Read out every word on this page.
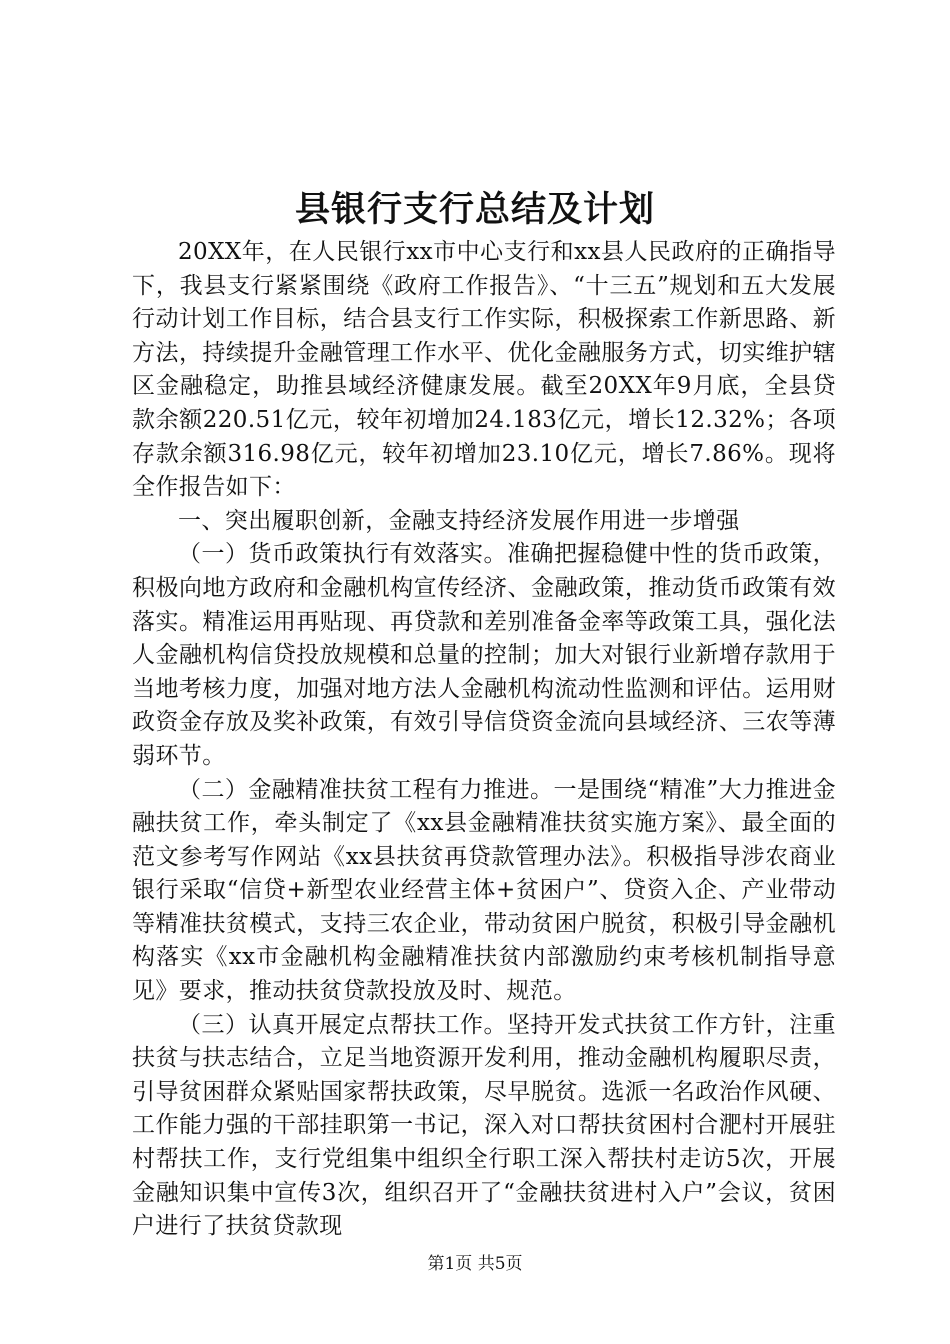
县银行支行总结及计划

20XX年，在人民银行xx市中心支行和xx县人民政府的正确指导下，我县支行紧紧围绕《政府工作报告》、“十三五”规划和五大发展行动计划工作目标，结合县支行工作实际，积极探索工作新思路、新方法，持续提升金融管理工作水平、优化金融服务方式，切实维护辖区金融稳定，助推县域经济健康发展。截至20XX年9月底，全县贷款余额220.51亿元，较年初增加24.183亿元，增长12.32%；各项存款余额316.98亿元，较年初增加23.10亿元，增长7.86%。现将全作报告如下：

一、突出履职创新，金融支持经济发展作用进一步增强

（一）货币政策执行有效落实。准确把握稳健中性的货币政策，积极向地方政府和金融机构宣传经济、金融政策，推动货币政策有效落实。精准运用再贴现、再贷款和差别准备金率等政策工具，强化法人金融机构信贷投放规模和总量的控制；加大对银行业新增存款用于当地考核力度，加强对地方法人金融机构流动性监测和评估。运用财政资金存放及奖补政策，有效引导信贷资金流向县域经济、三农等薄弱环节。

（二）金融精准扶贫工程有力推进。一是围绕“精准”大力推进金融扶贫工作，牵头制定了《xx县金融精准扶贫实施方案》、最全面的范文参考写作网站《xx县扶贫再贷款管理办法》。积极指导涉农商业银行采取“信贷+新型农业经营主体+贫困户”、贷资入企、产业带动等精准扶贫模式，支持三农企业，带动贫困户脱贫，积极引导金融机构落实《xx市金融机构金融精准扶贫内部激励约束考核机制指导意见》要求，推动扶贫贷款投放及时、规范。

（三）认真开展定点帮扶工作。坚持开发式扶贫工作方针，注重扶贫与扶志结合，立足当地资源开发利用，推动金融机构履职尽责，引导贫困群众紧贴国家帮扶政策，尽早脱贫。选派一名政治作风硬、工作能力强的干部挂职第一书记，深入对口帮扶贫困村合淝村开展驻村帮扶工作，支行党组集中组织全行职工深入帮扶村走访5次，开展金融知识集中宣传3次，组织召开了“金融扶贫进村入户”会议，贫困户进行了扶贫贷款现

第1页 共5页
